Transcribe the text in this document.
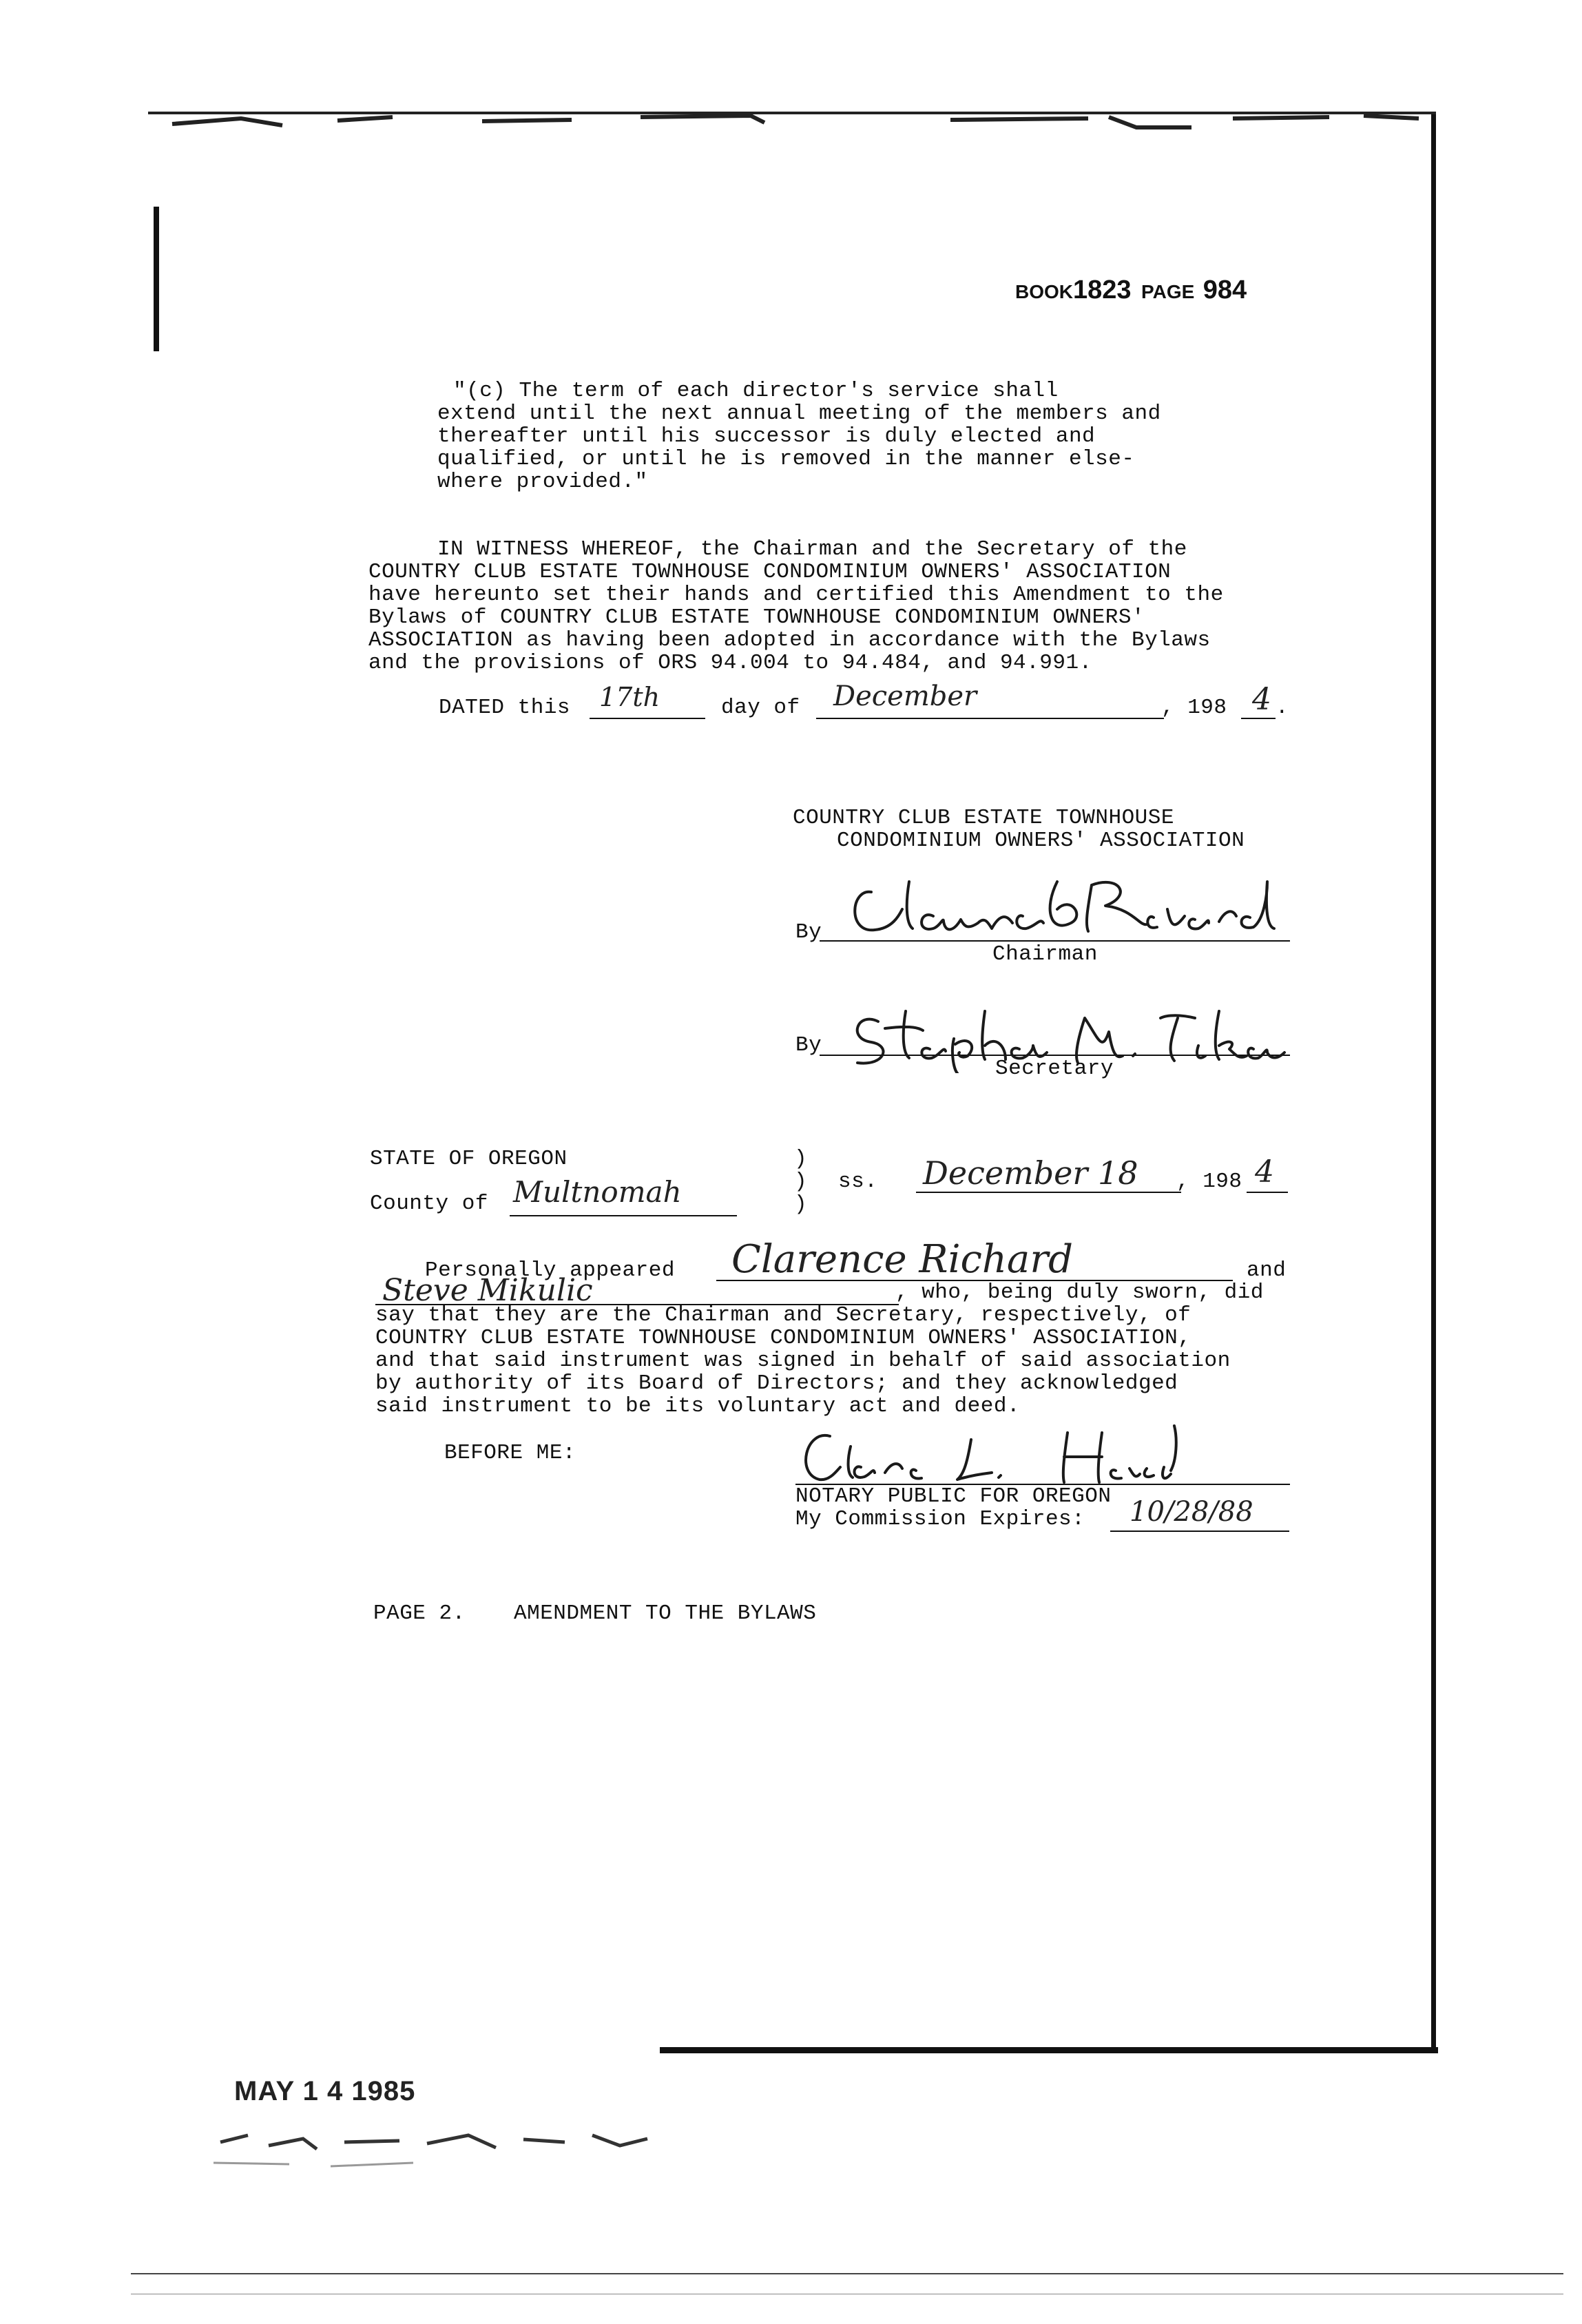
BOOK1823 PAGE 984
"(c) The term of each director's service shall
extend until the next annual meeting of the members and
thereafter until his successor is duly elected and
qualified, or until he is removed in the manner else-
where provided."
IN WITNESS WHEREOF, the Chairman and the Secretary of the
COUNTRY CLUB ESTATE TOWNHOUSE CONDOMINIUM OWNERS' ASSOCIATION
have hereunto set their hands and certified this Amendment to the
Bylaws of COUNTRY CLUB ESTATE TOWNHOUSE CONDOMINIUM OWNERS'
ASSOCIATION as having been adopted in accordance with the Bylaws
and the provisions of ORS 94.004 to 94.484, and 94.991.
DATED this 17th	day of December	, 198 4 .
COUNTRY CLUB ESTATE TOWNHOUSE
CONDOMINIUM OWNERS' ASSOCIATION
By
Chairman
By
Secretary
STATE OF OREGON
County of Multnomah
)
)
)
ss. December 18 , 198 4
Personally appeared Clarence Richard	and
Steve Mikulic	, who, being duly sworn, did
say that they are the Chairman and Secretary, respectively, of
COUNTRY CLUB ESTATE TOWNHOUSE CONDOMINIUM OWNERS' ASSOCIATION,
and that said instrument was signed in behalf of said association
by authority of its Board of Directors; and they acknowledged
said instrument to be its voluntary act and deed.
BEFORE ME:
NOTARY PUBLIC FOR OREGON
My Commission Expires: 10/28/88
PAGE 2. AMENDMENT TO THE BYLAWS
MAY 1 4 1985
